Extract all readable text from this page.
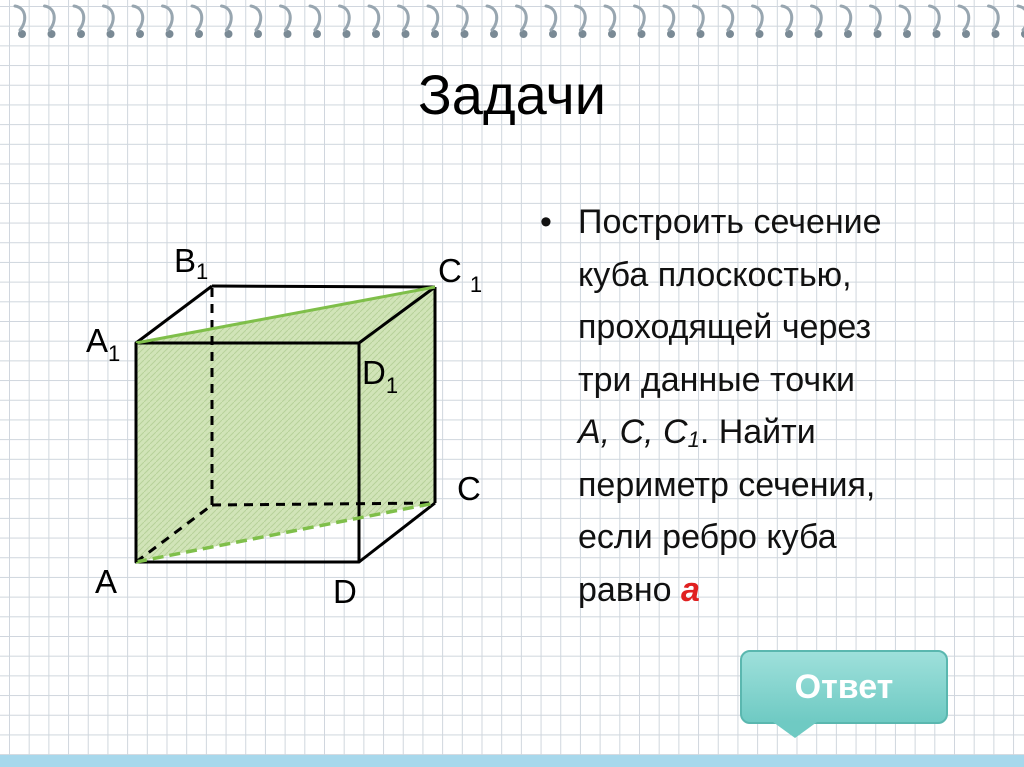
Задачи
$B_1$	C $_1$
$A_1$
$D_1$
C
A	D
• Построить сечение
куба плоскостью,
проходящей через
три данные точки
A, C, $C_1$. Найти
периметр сечения,
если ребро куба
равно a
Ответ
